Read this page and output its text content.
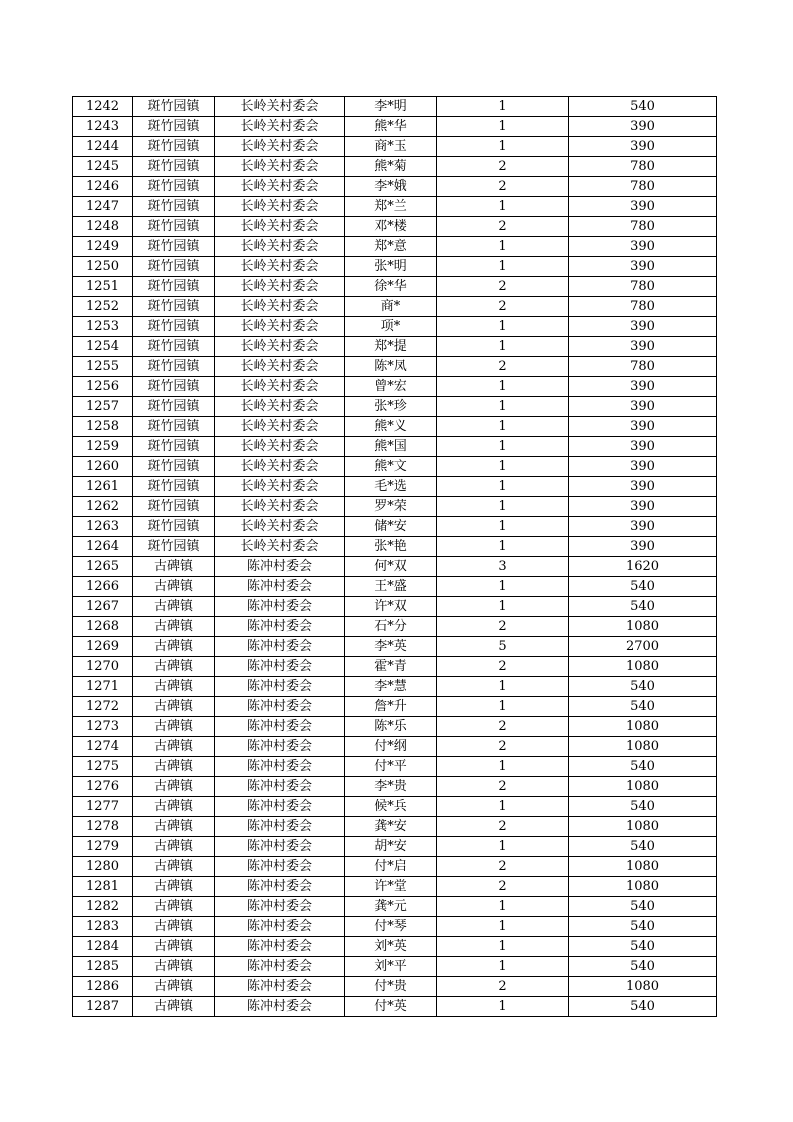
1242	斑竹园镇	长岭关村委会	李*明	1	540
1243	斑竹园镇	长岭关村委会	熊*华	1	390
1244	斑竹园镇	长岭关村委会	商*玉	1	390
1245	斑竹园镇	长岭关村委会	熊*菊	2	780
1246	斑竹园镇	长岭关村委会	李*娥	2	780
1247	斑竹园镇	长岭关村委会	郑*兰	1	390
1248	斑竹园镇	长岭关村委会	邓*楼	2	780
1249	斑竹园镇	长岭关村委会	郑*意	1	390
1250	斑竹园镇	长岭关村委会	张*明	1	390
1251	斑竹园镇	长岭关村委会	徐*华	2	780
1252	斑竹园镇	长岭关村委会	商*	2	780
1253	斑竹园镇	长岭关村委会	项*	1	390
1254	斑竹园镇	长岭关村委会	郑*提	1	390
1255	斑竹园镇	长岭关村委会	陈*凤	2	780
1256	斑竹园镇	长岭关村委会	曾*宏	1	390
1257	斑竹园镇	长岭关村委会	张*珍	1	390
1258	斑竹园镇	长岭关村委会	熊*义	1	390
1259	斑竹园镇	长岭关村委会	熊*国	1	390
1260	斑竹园镇	长岭关村委会	熊*文	1	390
1261	斑竹园镇	长岭关村委会	毛*选	1	390
1262	斑竹园镇	长岭关村委会	罗*荣	1	390
1263	斑竹园镇	长岭关村委会	储*安	1	390
1264	斑竹园镇	长岭关村委会	张*艳	1	390
1265	古碑镇	陈冲村委会	何*双	3	1620
1266	古碑镇	陈冲村委会	王*盛	1	540
1267	古碑镇	陈冲村委会	许*双	1	540
1268	古碑镇	陈冲村委会	石*分	2	1080
1269	古碑镇	陈冲村委会	李*英	5	2700
1270	古碑镇	陈冲村委会	霍*青	2	1080
1271	古碑镇	陈冲村委会	李*慧	1	540
1272	古碑镇	陈冲村委会	詹*升	1	540
1273	古碑镇	陈冲村委会	陈*乐	2	1080
1274	古碑镇	陈冲村委会	付*纲	2	1080
1275	古碑镇	陈冲村委会	付*平	1	540
1276	古碑镇	陈冲村委会	李*贵	2	1080
1277	古碑镇	陈冲村委会	候*兵	1	540
1278	古碑镇	陈冲村委会	龚*安	2	1080
1279	古碑镇	陈冲村委会	胡*安	1	540
1280	古碑镇	陈冲村委会	付*启	2	1080
1281	古碑镇	陈冲村委会	许*堂	2	1080
1282	古碑镇	陈冲村委会	龚*元	1	540
1283	古碑镇	陈冲村委会	付*琴	1	540
1284	古碑镇	陈冲村委会	刘*英	1	540
1285	古碑镇	陈冲村委会	刘*平	1	540
1286	古碑镇	陈冲村委会	付*贵	2	1080
1287	古碑镇	陈冲村委会	付*英	1	540
